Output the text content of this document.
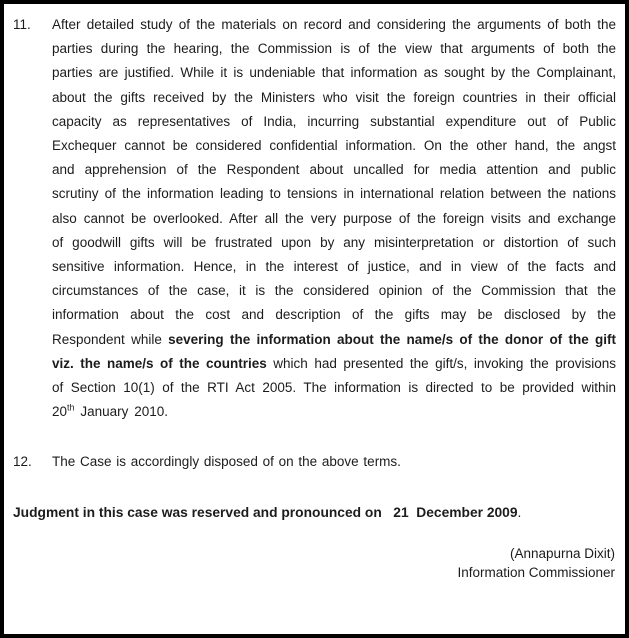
11.	After detailed study of the materials on record and considering the arguments of both the parties during the hearing, the Commission is of the view that arguments of both the parties are justified. While it is undeniable that information as sought by the Complainant, about the gifts received by the Ministers who visit the foreign countries in their official capacity as representatives of India, incurring substantial expenditure out of Public Exchequer cannot be considered confidential information. On the other hand, the angst and apprehension of the Respondent about uncalled for media attention and public scrutiny of the information leading to tensions in international relation between the nations also cannot be overlooked. After all the very purpose of the foreign visits and exchange of goodwill gifts will be frustrated upon by any misinterpretation or distortion of such sensitive information. Hence, in the interest of justice, and in view of the facts and circumstances of the case, it is the considered opinion of the Commission that the information about the cost and description of the gifts may be disclosed by the Respondent while severing the information about the name/s of the donor of the gift viz. the name/s of the countries which had presented the gift/s, invoking the provisions of Section 10(1) of the RTI Act 2005. The information is directed to be provided within 20th January 2010.
12.	The Case is accordingly disposed of on the above terms.
Judgment in this case was reserved and pronounced on   21  December 2009.
(Annapurna Dixit)
Information Commissioner
